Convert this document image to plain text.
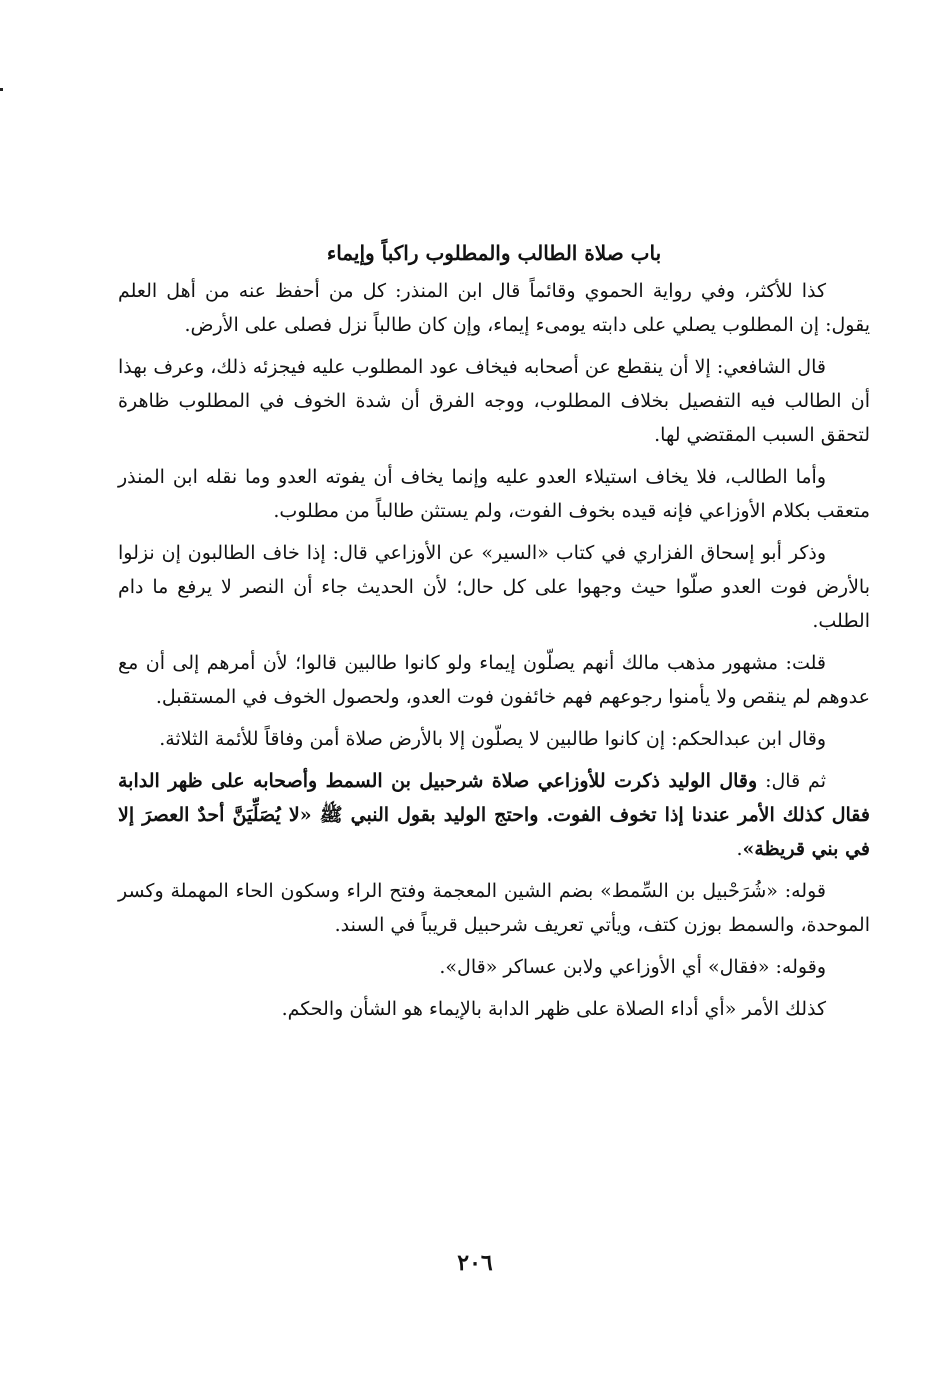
باب صلاة الطالب والمطلوب راكباً وإيماء

كذا للأكثر، وفي رواية الحموي وقائماً قال ابن المنذر: كل من أحفظ عنه من أهل العلم يقول: إن المطلوب يصلي على دابته يومىء إيماء، وإن كان طالباً نزل فصلى على الأرض.

قال الشافعي: إلا أن ينقطع عن أصحابه فيخاف عود المطلوب عليه فيجزئه ذلك، وعرف بهذا أن الطالب فيه التفصيل بخلاف المطلوب، ووجه الفرق أن شدة الخوف في المطلوب ظاهرة لتحقق السبب المقتضي لها.

وأما الطالب، فلا يخاف استيلاء العدو عليه وإنما يخاف أن يفوته العدو وما نقله ابن المنذر متعقب بكلام الأوزاعي فإنه قيده بخوف الفوت، ولم يستثن طالباً من مطلوب.

وذكر أبو إسحاق الفزاري في كتاب «السير» عن الأوزاعي قال: إذا خاف الطالبون إن نزلوا بالأرض فوت العدو صلّوا حيث وجهوا على كل حال؛ لأن الحديث جاء أن النصر لا يرفع ما دام الطلب.

قلت: مشهور مذهب مالك أنهم يصلّون إيماء ولو كانوا طالبين قالوا؛ لأن أمرهم إلى أن مع عدوهم لم ينقص ولا يأمنوا رجوعهم فهم خائفون فوت العدو، ولحصول الخوف في المستقبل.

وقال ابن عبدالحكم: إن كانوا طالبين لا يصلّون إلا بالأرض صلاة أمن وفاقاً للأئمة الثلاثة.

ثم قال: وقال الوليد ذكرت للأوزاعي صلاة شرحبيل بن السمط وأصحابه على ظهر الدابة فقال كذلك الأمر عندنا إذا تخوف الفوت. واحتج الوليد بقول النبي ﷺ «لا يُصَلِّيَنَّ أحدٌ العصرَ إلا في بني قريظة».

قوله: «شُرَحْبيل بن السِّمط» بضم الشين المعجمة وفتح الراء وسكون الحاء المهملة وكسر الموحدة، والسمط بوزن كتف، ويأتي تعريف شرحبيل قريباً في السند.

وقوله: «فقال» أي الأوزاعي ولابن عساكر «قال».

كذلك الأمر «أي أداء الصلاة على ظهر الدابة بالإيماء هو الشأن والحكم.

٢٠٦
